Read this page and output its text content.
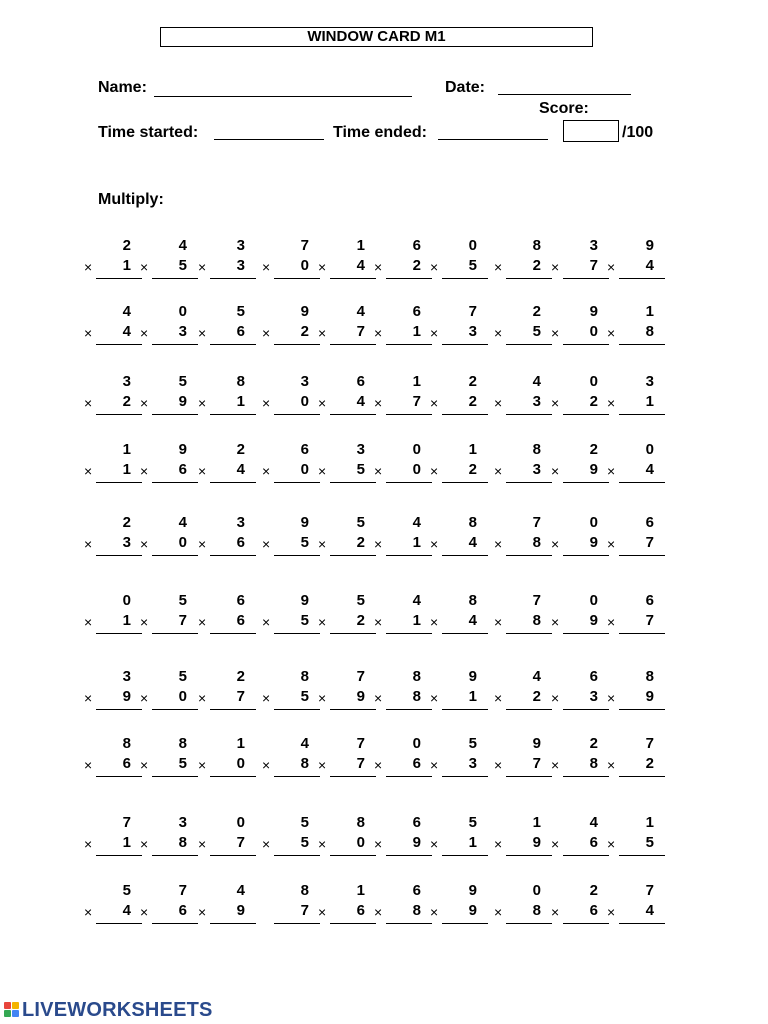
WINDOW CARD M1
Name:	Date:
Score:
Time started:	Time ended:	/100
Multiply:
2
×	1
4
×	5
3
×	3
7
×	0
1
×	4
6
×	2
0
×	5
8
×	2
3
×	7
9
×	4
4
×	4
0
×	3
5
×	6
9
×	2
4
×	7
6
×	1
7
×	3
2
×	5
9
×	0
1
×	8
3
×	2
5
×	9
8
×	1
3
×	0
6
×	4
1
×	7
2
×	2
4
×	3
0
×	2
3
×	1
1
×	1
9
×	6
2
×	4
6
×	0
3
×	5
0
×	0
1
×	2
8
×	3
2
×	9
0
×	4
2
×	3
4
×	0
3
×	6
9
×	5
5
×	2
4
×	1
8
×	4
7
×	8
0
×	9
6
×	7
0
×	1
5
×	7
6
×	6
9
×	5
5
×	2
4
×	1
8
×	4
7
×	8
0
×	9
6
×	7
3
×	9
5
×	0
2
×	7
8
×	5
7
×	9
8
×	8
9
×	1
4
×	2
6
×	3
8
×	9
8
×	6
8
×	5
1
×	0
4
×	8
7
×	7
0
×	6
5
×	3
9
×	7
2
×	8
7
×	2
7
×	1
3
×	8
0
×	7
5
×	5
8
×	0
6
×	9
5
×	1
1
×	9
4
×	6
1
×	5
5
×	4
7
×	6
4
×	9
8
7
1
×	6
6
×	8
9
×	9
0
×	8
2
×	6
7
×	4
LIVEWORKSHEETS
